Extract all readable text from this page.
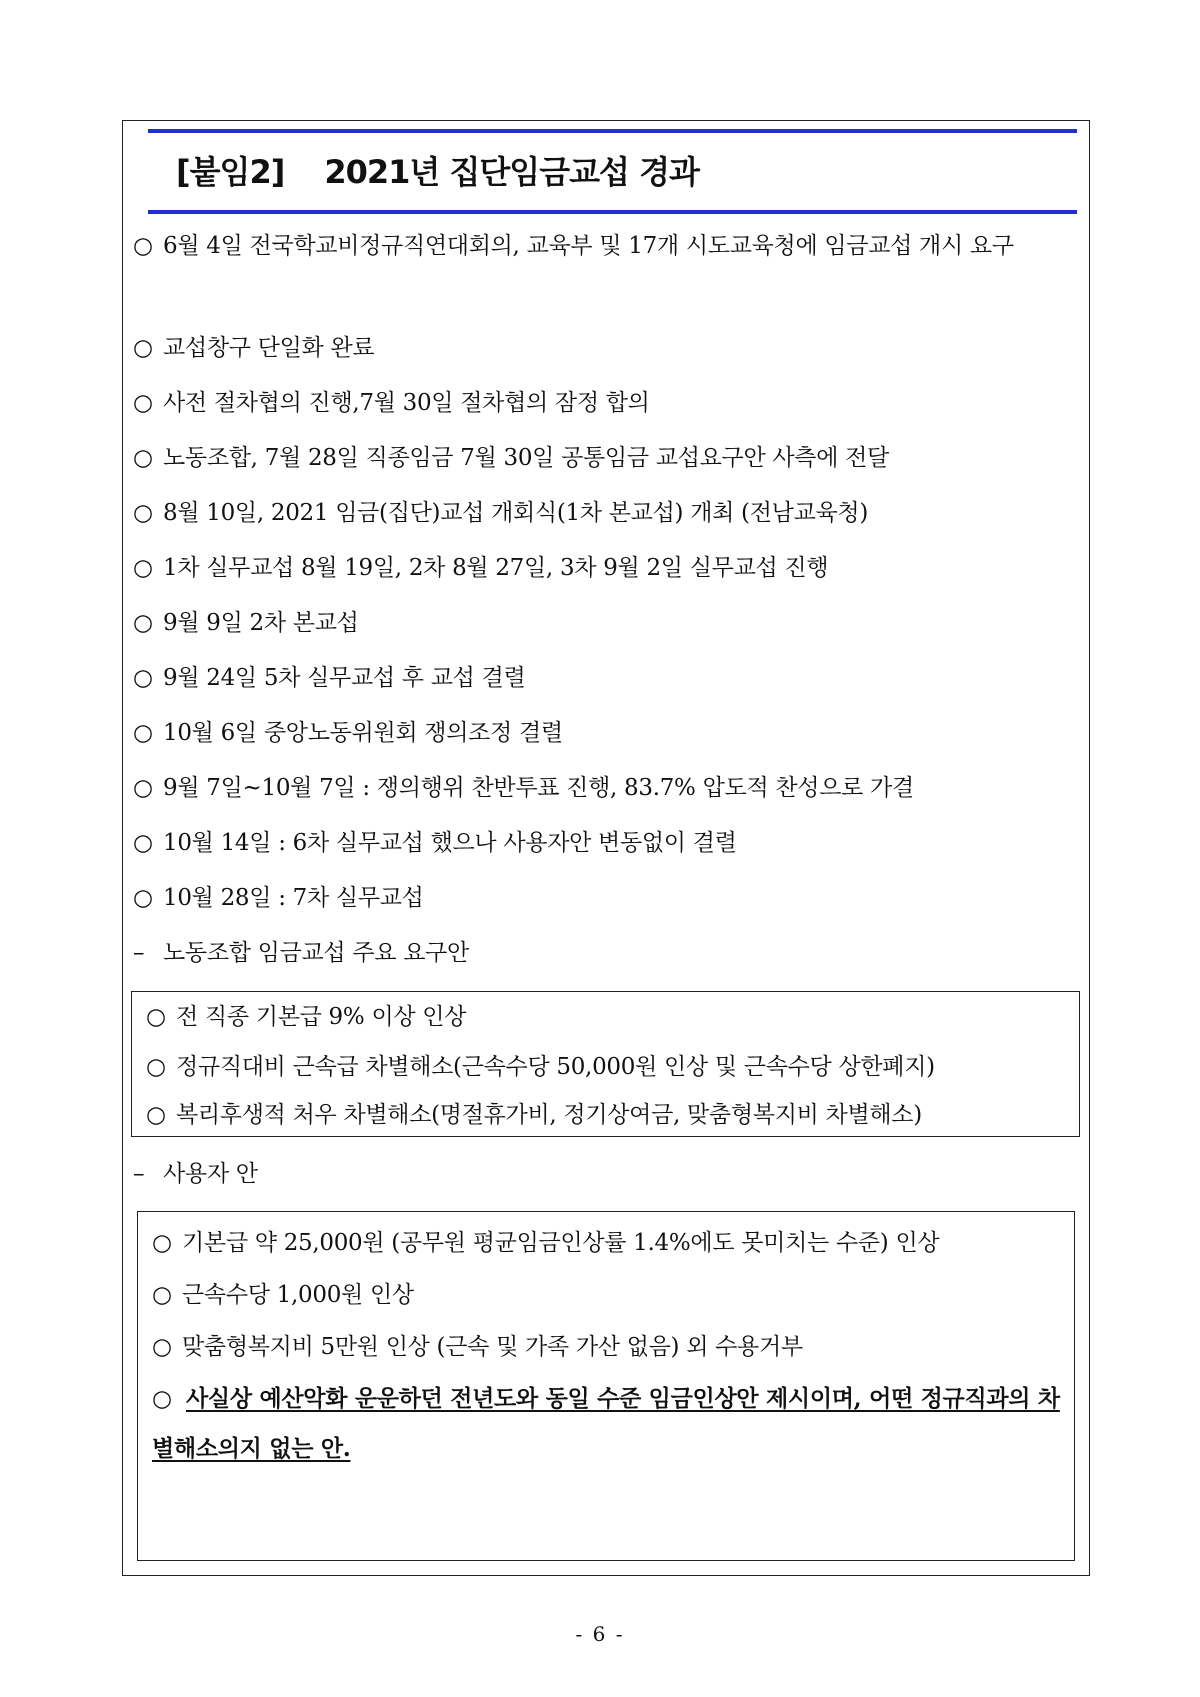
[붙임2] 2021년 집단임금교섭 경과
○ 6월 4일 전국학교비정규직연대회의, 교육부 및 17개 시도교육청에 임금교섭 개시 요구
○ 교섭창구 단일화 완료
○ 사전 절차협의 진행,7월 30일 절차협의 잠정 합의
○ 노동조합, 7월 28일 직종임금 7월 30일 공통임금 교섭요구안 사측에 전달
○ 8월 10일, 2021 임금(집단)교섭 개회식(1차 본교섭) 개최 (전남교육청)
○ 1차 실무교섭 8월 19일, 2차 8월 27일, 3차 9월 2일 실무교섭 진행
○ 9월 9일 2차 본교섭
○ 9월 24일 5차 실무교섭 후 교섭 결렬
○ 10월 6일 중앙노동위원회 쟁의조정 결렬
○ 9월 7일~10월 7일 : 쟁의행위 찬반투표 진행, 83.7% 압도적 찬성으로 가결
○ 10월 14일 : 6차 실무교섭 했으나 사용자안 변동없이 결렬
○ 10월 28일 : 7차 실무교섭
– 노동조합 임금교섭 주요 요구안
○ 전 직종 기본급 9% 이상 인상
○ 정규직대비 근속급 차별해소(근속수당 50,000원 인상 및 근속수당 상한폐지)
○ 복리후생적 처우 차별해소(명절휴가비, 정기상여금, 맞춤형복지비 차별해소)
– 사용자 안
○ 기본급 약 25,000원 (공무원 평균임금인상률 1.4%에도 못미치는 수준) 인상
○ 근속수당 1,000원 인상
○ 맞춤형복지비 5만원 인상 (근속 및 가족 가산 없음) 외 수용거부
○ 사실상 예산악화 운운하던 전년도와 동일 수준 임금인상안 제시이며, 어떤 정규직과의 차별해소의지 없는 안.
- 6 -
